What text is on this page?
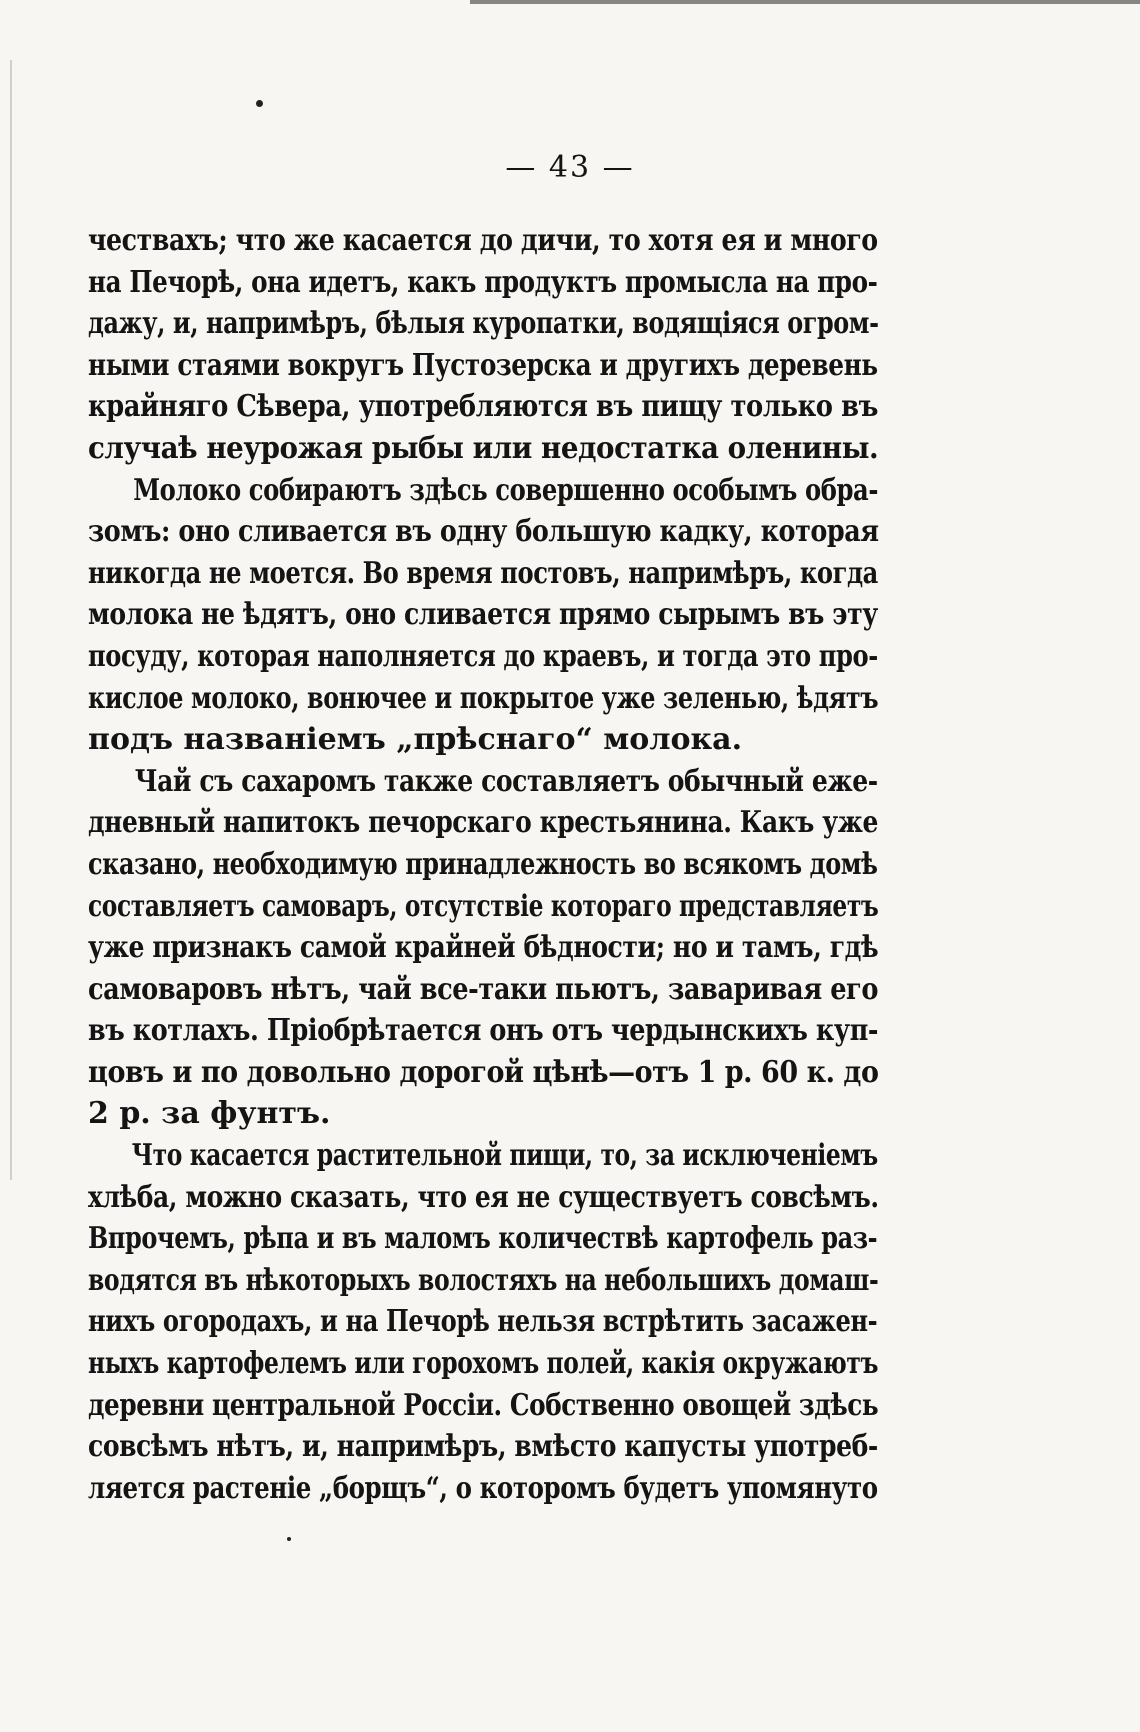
— 43 —
чествахъ; что же касается до дичи, то хотя ея и много
на Печорѣ, она идетъ, какъ продуктъ промысла на про-
дажу, и, напримѣръ, бѣлыя куропатки, водящіяся огром-
ными стаями вокругъ Пустозерска и другихъ деревень
крайняго Сѣвера, употребляются въ пищу только въ
случаѣ неурожая рыбы или недостатка оленины.
Молоко собираютъ здѣсь совершенно особымъ обра-
зомъ: оно сливается въ одну большую кадку, которая
никогда не моется. Во время постовъ, напримѣръ, когда
молока не ѣдятъ, оно сливается прямо сырымъ въ эту
посуду, которая наполняется до краевъ, и тогда это про-
кислое молоко, вонючее и покрытое уже зеленью, ѣдятъ
подъ названіемъ „прѣснаго“ молока.
Чай съ сахаромъ также составляетъ обычный еже-
дневный напитокъ печорскаго крестьянина. Какъ уже
сказано, необходимую принадлежность во всякомъ домѣ
составляетъ самоваръ, отсутствіе котораго представляетъ
уже признакъ самой крайней бѣдности; но и тамъ, гдѣ
самоваровъ нѣтъ, чай все-таки пьютъ, заваривая его
въ котлахъ. Пріобрѣтается онъ отъ чердынскихъ куп-
цовъ и по довольно дорогой цѣнѣ—отъ 1 р. 60 к. до
2 р. за фунтъ.
Что касается растительной пищи, то, за исключеніемъ
хлѣба, можно сказать, что ея не существуетъ совсѣмъ.
Впрочемъ, рѣпа и въ маломъ количествѣ картофель раз-
водятся въ нѣкоторыхъ волостяхъ на небольшихъ домаш-
нихъ огородахъ, и на Печорѣ нельзя встрѣтить засажен-
ныхъ картофелемъ или горохомъ полей, какія окружаютъ
деревни центральной Россіи. Собственно овощей здѣсь
совсѣмъ нѣтъ, и, напримѣръ, вмѣсто капусты употреб-
ляется растеніе „борщъ“, о которомъ будетъ упомянуто
